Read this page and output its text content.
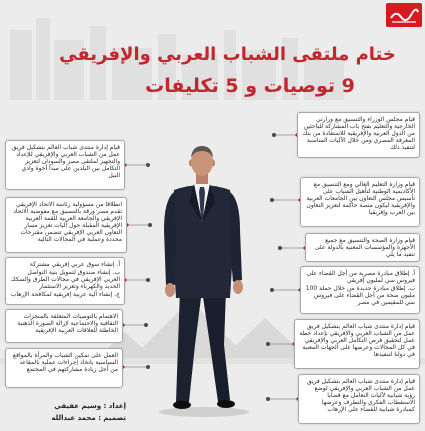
ختام ملتقى الشباب العربي والإفريقي
9 توصيات و 5 تكليفات

قيام مجلس الوزراء والتنسيق مع وزارتي الخارجية والتعليم بفتح باب المشاركة للباحثين من الدول العربية والإفريقية للاستفادة من بنك المعرفة المصري ومن خلال الآليات المناسبة لتنفيذ ذلك

قيام وزارة التعليم العالي ومع التنسيق مع الأكاديمية الوطنية لتأهيل الشباب على تأسيس مجلس التعاون بين الجامعات العربية والإفريقية ليكون منصة حاكمة لتعزيز التعاون بين العرب وإفريقيا

قيام وزارة الصحة والتنسيق مع جميع الأجهزة والمؤسسات المعنية بالدولة على تنفيذ ما يلي

أ. إطلاق مبادرة مصرية من أجل القضاء على فيروس سي لمليون إفريقي

ب. إطلاق مبادرة جديدة من خلال حملة 100 مليون صحة من أجل القضاء على فيروس سي للمقيمين في مصر

قيام إدارة منتدى شباب العالم بتشكيل فريق عمل من الشباب العربي والإفريقي بإعداد خطة عمل لتحقيق فرص التكامل العربي والإفريقي في كل المجالات وعرضها على الجهات المعنية في دولنا لتنفيذها

قيام إدارة منتدى شباب العالم بتشكيل فريق عمل من الشباب العربي والإفريقي لوضع رؤية شبابية لآليات التعامل مع قضايا الاستقطاب الفكري والتطرف وعرضها كمبادرة شبابية للقضاء على الإرهاب

قيام إدارة منتدى شباب العالم بتشكيل فريق عمل من الشباب العربي والإفريقي للإعداد والتجهيز لملتقى مصر والسودان لتعزيز التكامل بين البلدين على مبدأ أخوة وادي النيل

انطلاقا من مسؤولية رئاسة الاتحاد الإفريقي تقدم مصر ورقة بالتنسيق مع مفوضية الاتحاد الإفريقي والجامعة العربية للقمة العربية الإفريقية المقبلة حول آليات تعزيز مسار التعاون العربي الإفريقي تتضمن مقترحات محددة وعملية في المجالات التالية

أ. إنشاء سوق عربي إفريقي مشتركة

ب. إنشاء صندوق لتمويل بنية التواصل العربي الإفريقي في مجالات الطرق والسكك الحديد والكهرباء وتعزيز الاستثمار

ج. إنشاء آلية عربية إفريقية لمكافحة الإرهاب

الاهتمام بالتوصيات المتعلقة بالمنجزات الثقافية والاجتماعية لإزالة الصورة الذهنية الخاطئة للعلاقات العربية الإفريقية

العمل على تمكين الشباب والمرأة بالمواقع السياسية باتخاذ إجراءات عملية بالمقاعد من أجل زيادة مشاركتهم في المجتمع

إعداد : وسيم عفيفي
تصميم : محمد عبدالله
